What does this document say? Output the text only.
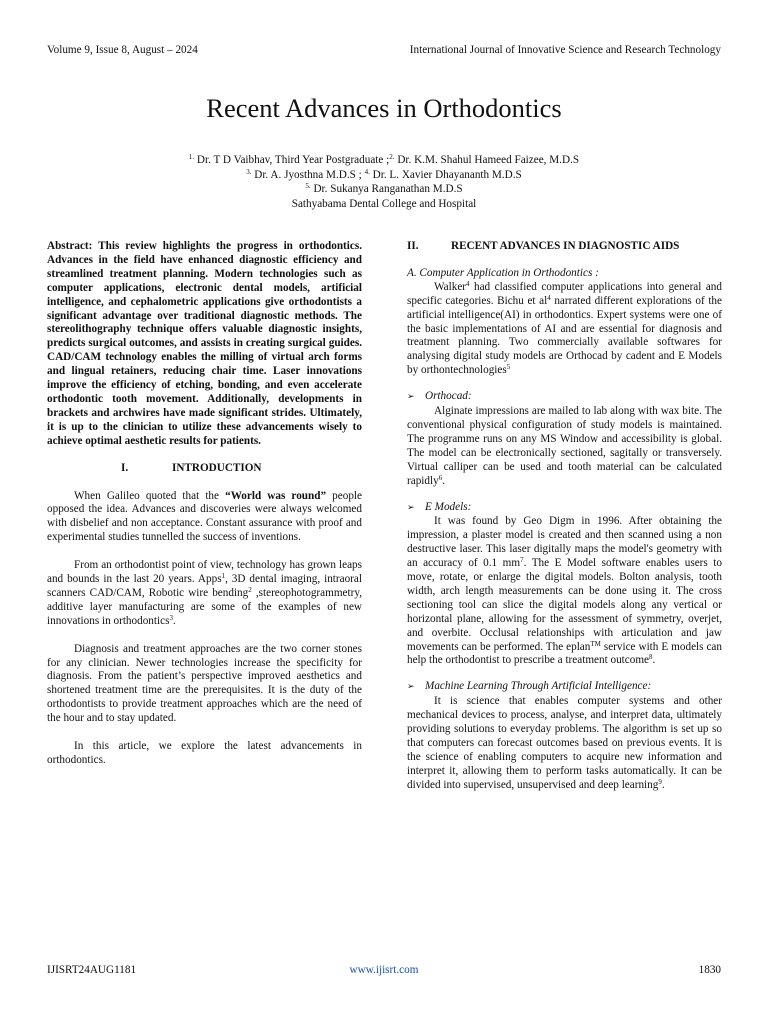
Volume 9, Issue 8, August – 2024	International Journal of Innovative Science and Research Technology
Recent Advances in Orthodontics
$^{1.}$ Dr. T D Vaibhav, Third Year Postgraduate ;$^{2.}$ Dr. K.M. Shahul Hameed Faizee, M.D.S
$^{3.}$ Dr. A. Jyosthna M.D.S ; $^{4.}$ Dr. L. Xavier Dhayananth M.D.S
$^{5.}$ Dr. Sukanya Ranganathan M.D.S
Sathyabama Dental College and Hospital

Abstract: This review highlights the progress in orthodontics. Advances in the field have enhanced diagnostic efficiency and streamlined treatment planning. Modern technologies such as computer applications, electronic dental models, artificial intelligence, and cephalometric applications give orthodontists a significant advantage over traditional diagnostic methods. The stereolithography technique offers valuable diagnostic insights, predicts surgical outcomes, and assists in creating surgical guides. CAD/CAM technology enables the milling of virtual arch forms and lingual retainers, reducing chair time. Laser innovations improve the efficiency of etching, bonding, and even accelerate orthodontic tooth movement. Additionally, developments in brackets and archwires have made significant strides. Ultimately, it is up to the clinician to utilize these advancements wisely to achieve optimal aesthetic results for patients.

I.	INTRODUCTION

When Galileo quoted that the “World was round” people opposed the idea. Advances and discoveries were always welcomed with disbelief and non acceptance. Constant assurance with proof and experimental studies tunnelled the success of inventions.

From an orthodontist point of view, technology has grown leaps and bounds in the last 20 years. Apps$^1$, 3D dental imaging, intraoral scanners CAD/CAM, Robotic wire bending$^2$ ,stereophotogrammetry, additive layer manufacturing are some of the examples of new innovations in orthodontics$^3$.

Diagnosis and treatment approaches are the two corner stones for any clinician. Newer technologies increase the specificity for diagnosis. From the patient’s perspective improved aesthetics and shortened treatment time are the prerequisites. It is the duty of the orthodontists to provide treatment approaches which are the need of the hour and to stay updated.

In this article, we explore the latest advancements in orthodontics.

II.	RECENT ADVANCES IN DIAGNOSTIC AIDS

A. Computer Application in Orthodontics :

Walker$^4$ had classified computer applications into general and specific categories. Bichu et $al^4$ narrated different explorations of the artificial intelligence(AI) in orthodontics. Expert systems were one of the basic implementations of AI and are essential for diagnosis and treatment planning. Two commercially available softwares for analysing digital study models are Orthocad by cadent and E Models by orthontechnologies$^5$

➢ Orthocad:

Alginate impressions are mailed to lab along with wax bite. The conventional physical configuration of study models is maintained. The programme runs on any MS Window and accessibility is global. The model can be electronically sectioned, sagitally or transversely. Virtual calliper can be used and tooth material can be calculated rapidly$^6$.

➢ E Models:

It was found by Geo Digm in 1996. After obtaining the impression, a plaster model is created and then scanned using a non destructive laser. This laser digitally maps the model's geometry with an accuracy of 0.1 $mm^7$. The E Model software enables users to move, rotate, or enlarge the digital models. Bolton analysis, tooth width, arch length measurements can be done using it. The cross sectioning tool can slice the digital models along any vertical or horizontal plane, allowing for the assessment of symmetry, overjet, and overbite. Occlusal relationships with articulation and jaw movements can be performed. The eplan™ service with E models can help the orthodontist to prescribe a treatment outcome$^8$.

➢ Machine Learning Through Artificial Intelligence:

It is science that enables computer systems and other mechanical devices to process, analyse, and interpret data, ultimately providing solutions to everyday problems. The algorithm is set up so that computers can forecast outcomes based on previous events. It is the science of enabling computers to acquire new information and interpret it, allowing them to perform tasks automatically. It can be divided into supervised, unsupervised and deep learning$^9$.

IJISRT24AUG1181	www.ijisrt.com	1830
